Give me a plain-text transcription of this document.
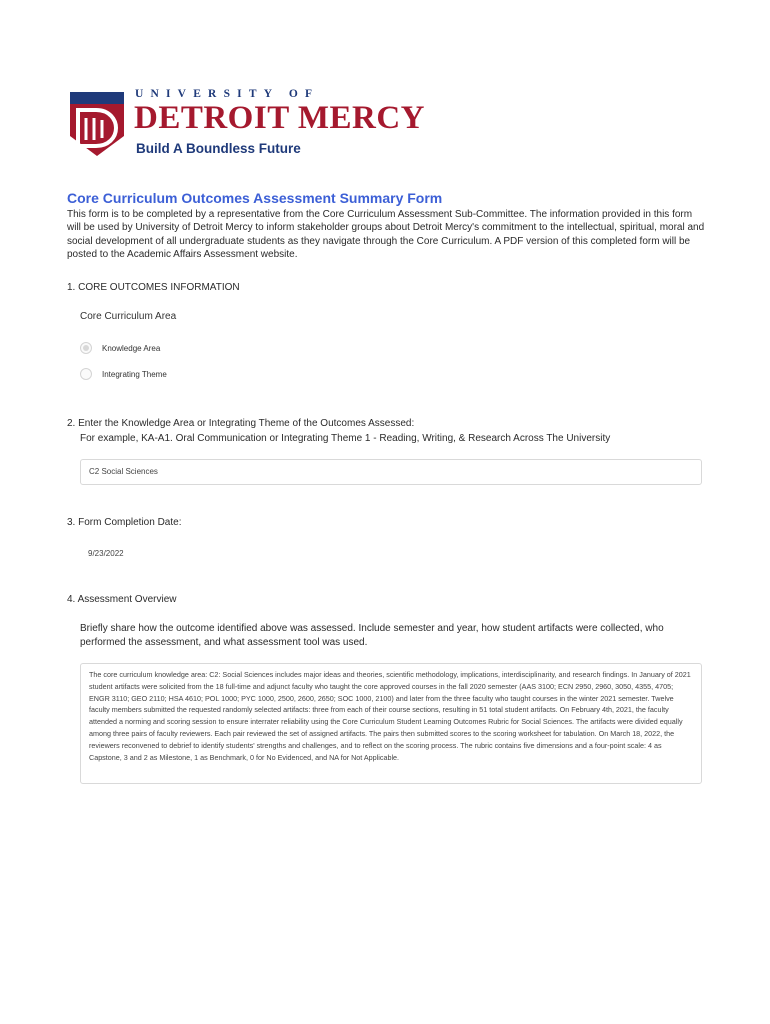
UNIVERSITY OF
DETROIT MERCY
Build A Boundless Future
Core Curriculum Outcomes Assessment Summary Form
This form is to be completed by a representative from the Core Curriculum Assessment Sub-Committee. The information provided in this form will be used by University of Detroit Mercy to inform stakeholder groups about Detroit Mercy's commitment to the intellectual, spiritual, moral and social development of all undergraduate students as they navigate through the Core Curriculum. A PDF version of this completed form will be posted to the Academic Affairs Assessment website.
1. CORE OUTCOMES INFORMATION
Core Curriculum Area
Knowledge Area
Integrating Theme
2. Enter the Knowledge Area or Integrating Theme of the Outcomes Assessed:
For example, KA-A1. Oral Communication or Integrating Theme 1 - Reading, Writing, & Research Across The University
C2 Social Sciences
3. Form Completion Date:
9/23/2022
4. Assessment Overview
Briefly share how the outcome identified above was assessed. Include semester and year, how student artifacts were collected, who performed the assessment, and what assessment tool was used.
The core curriculum knowledge area: C2: Social Sciences includes major ideas and theories, scientific methodology, implications, interdisciplinarity, and research findings. In January of 2021 student artifacts were solicited from the 18 full-time and adjunct faculty who taught the core approved courses in the fall 2020 semester (AAS 3100; ECN 2950, 2960, 3050, 4355, 4705; ENGR 3110; GEO 2110; HSA 4610; POL 1000; PYC 1000, 2500, 2600, 2650; SOC 1000, 2100) and later from the three faculty who taught courses in the winter 2021 semester. Twelve faculty members submitted the requested randomly selected artifacts: three from each of their course sections, resulting in 51 total student artifacts. On February 4th, 2021, the faculty attended a norming and scoring session to ensure interrater reliability using the Core Curriculum Student Learning Outcomes Rubric for Social Sciences. The artifacts were divided equally among three pairs of faculty reviewers. Each pair reviewed the set of assigned artifacts. The pairs then submitted scores to the scoring worksheet for tabulation. On March 18, 2022, the reviewers reconvened to debrief to identify students' strengths and challenges, and to reflect on the scoring process. The rubric contains five dimensions and a four-point scale: 4 as Capstone, 3 and 2 as Milestone, 1 as Benchmark, 0 for No Evidenced, and NA for Not Applicable.
